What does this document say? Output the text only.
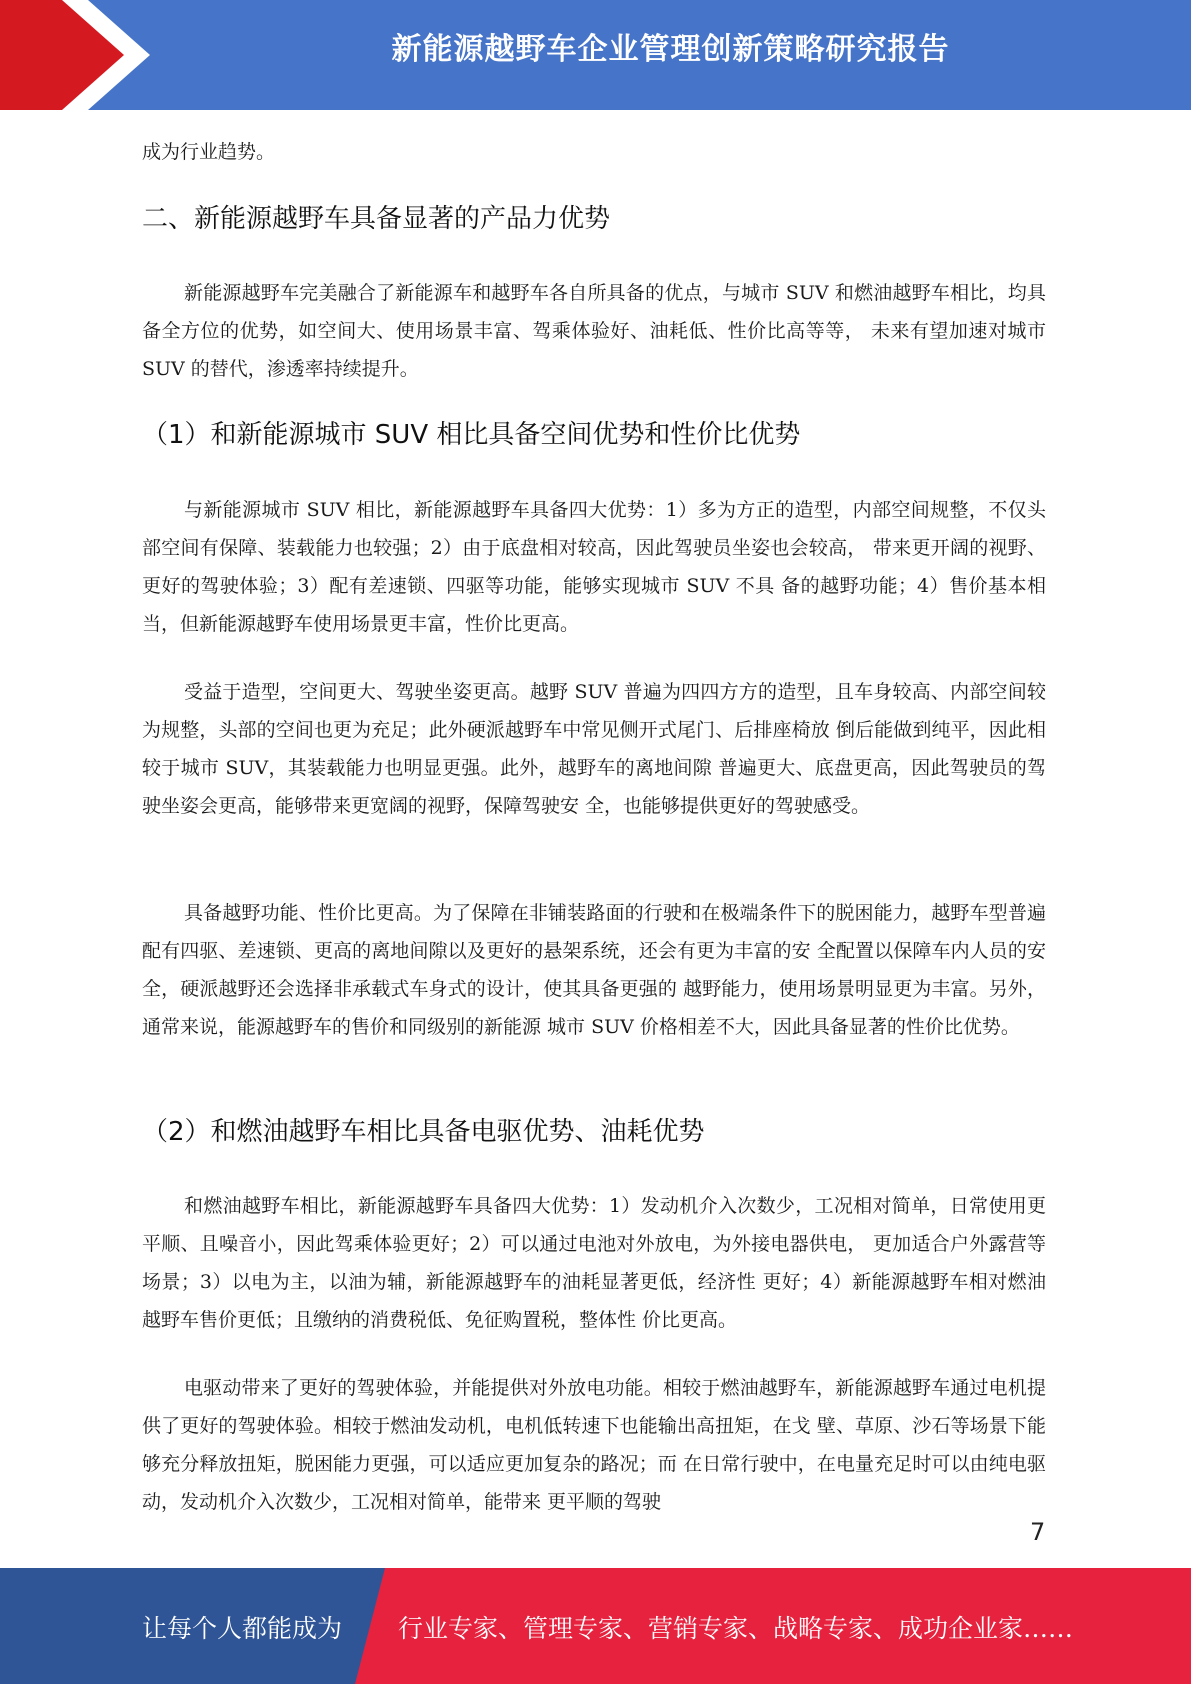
新能源越野车企业管理创新策略研究报告

成为行业趋势。

二、新能源越野车具备显著的产品力优势

新能源越野车完美融合了新能源车和越野车各自所具备的优点，与城市 SUV 和燃油越野车相比，均具备全方位的优势，如空间大、使用场景丰富、驾乘体验好、油耗低、性价比高等等， 未来有望加速对城市 SUV 的替代，渗透率持续提升。

（1）和新能源城市 SUV 相比具备空间优势和性价比优势

与新能源城市 SUV 相比，新能源越野车具备四大优势：1）多为方正的造型，内部空间规整，不仅头部空间有保障、装载能力也较强；2）由于底盘相对较高，因此驾驶员坐姿也会较高， 带来更开阔的视野、更好的驾驶体验；3）配有差速锁、四驱等功能，能够实现城市 SUV 不具 备的越野功能；4）售价基本相当，但新能源越野车使用场景更丰富，性价比更高。

受益于造型，空间更大、驾驶坐姿更高。越野 SUV 普遍为四四方方的造型，且车身较高、内部空间较为规整，头部的空间也更为充足；此外硬派越野车中常见侧开式尾门、后排座椅放 倒后能做到纯平，因此相较于城市 SUV，其装载能力也明显更强。此外，越野车的离地间隙 普遍更大、底盘更高，因此驾驶员的驾驶坐姿会更高，能够带来更宽阔的视野，保障驾驶安 全，也能够提供更好的驾驶感受。

具备越野功能、性价比更高。为了保障在非铺装路面的行驶和在极端条件下的脱困能力，越野车型普遍配有四驱、差速锁、更高的离地间隙以及更好的悬架系统，还会有更为丰富的安 全配置以保障车内人员的安全，硬派越野还会选择非承载式车身式的设计，使其具备更强的 越野能力，使用场景明显更为丰富。另外，通常来说，能源越野车的售价和同级别的新能源 城市 SUV 价格相差不大，因此具备显著的性价比优势。

（2）和燃油越野车相比具备电驱优势、油耗优势

和燃油越野车相比，新能源越野车具备四大优势：1）发动机介入次数少，工况相对简单，日常使用更平顺、且噪音小，因此驾乘体验更好；2）可以通过电池对外放电，为外接电器供电， 更加适合户外露营等场景；3）以电为主，以油为辅，新能源越野车的油耗显著更低，经济性 更好；4）新能源越野车相对燃油越野车售价更低；且缴纳的消费税低、免征购置税，整体性 价比更高。

电驱动带来了更好的驾驶体验，并能提供对外放电功能。相较于燃油越野车，新能源越野车通过电机提供了更好的驾驶体验。相较于燃油发动机，电机低转速下也能输出高扭矩，在戈 壁、草原、沙石等场景下能够充分释放扭矩，脱困能力更强，可以适应更加复杂的路况；而 在日常行驶中，在电量充足时可以由纯电驱动，发动机介入次数少，工况相对简单，能带来 更平顺的驾驶

7
让每个人都能成为 行业专家、管理专家、营销专家、战略专家、成功企业家……
